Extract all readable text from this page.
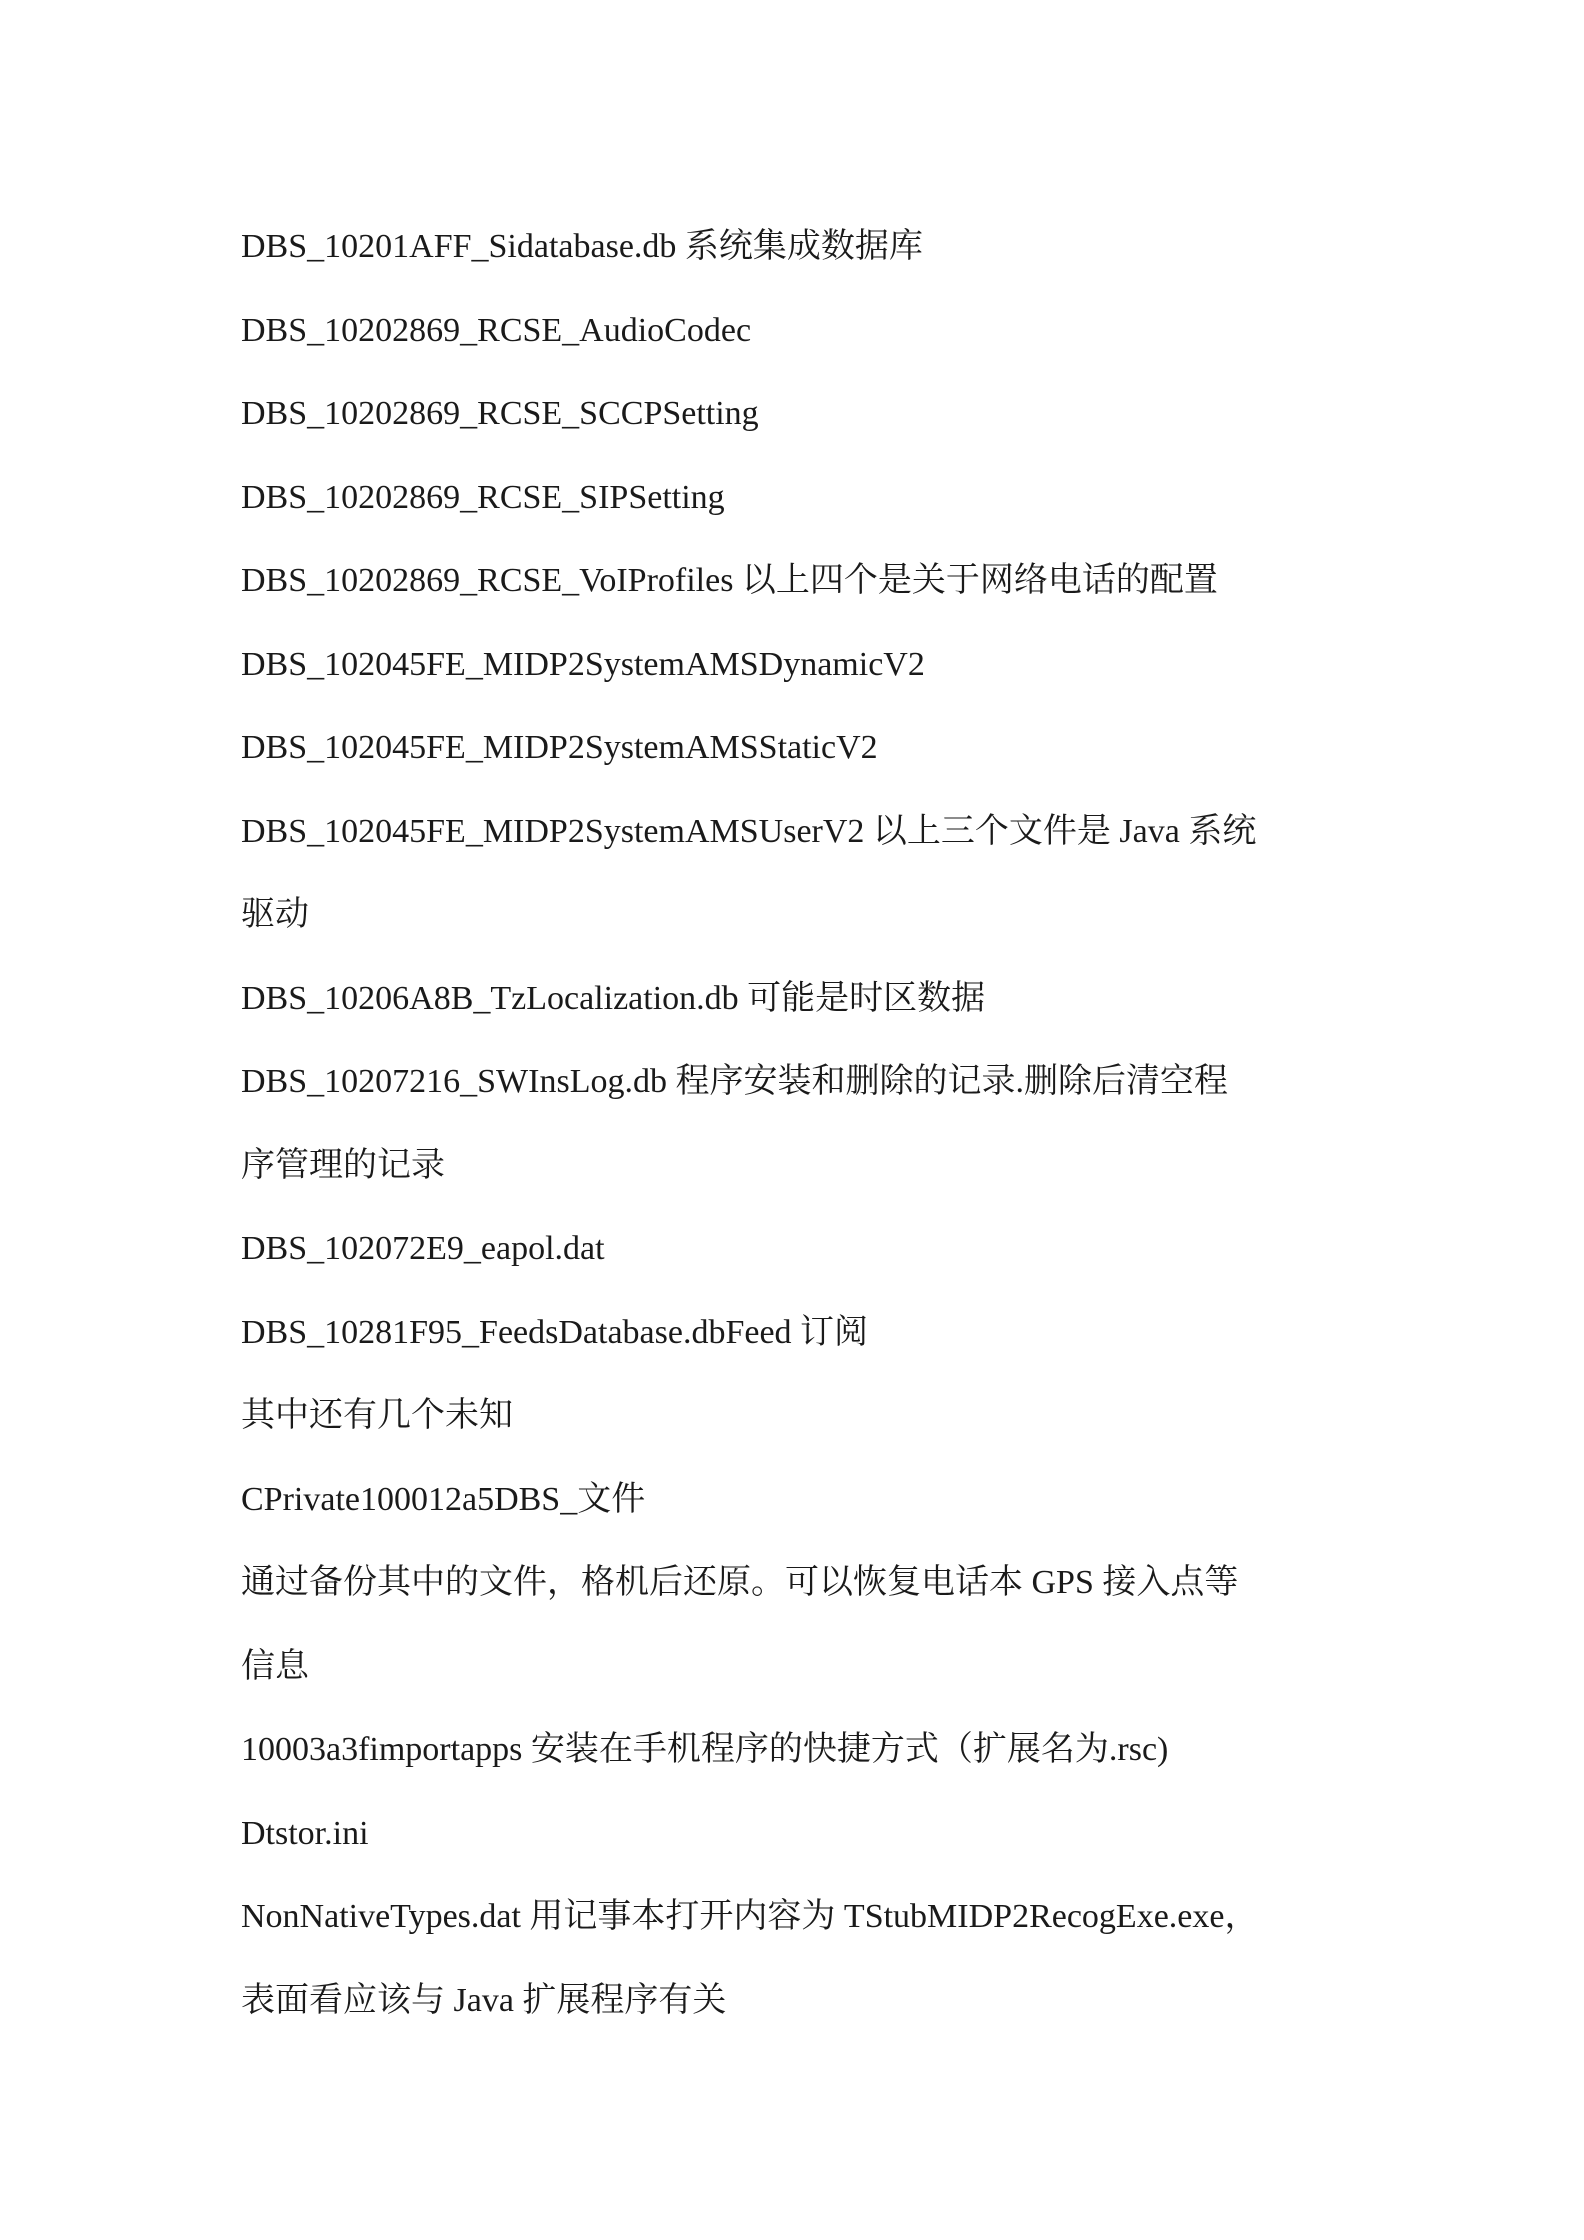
DBS_10201AFF_Sidatabase.db 系统集成数据库

DBS_10202869_RCSE_AudioCodec

DBS_10202869_RCSE_SCCPSetting

DBS_10202869_RCSE_SIPSetting

DBS_10202869_RCSE_VoIProfiles 以上四个是关于网络电话的配置

DBS_102045FE_MIDP2SystemAMSDynamicV2

DBS_102045FE_MIDP2SystemAMSStaticV2

DBS_102045FE_MIDP2SystemAMSUserV2 以上三个文件是 Java 系统

驱动

DBS_10206A8B_TzLocalization.db 可能是时区数据

DBS_10207216_SWInsLog.db 程序安装和删除的记录.删除后清空程

序管理的记录

DBS_102072E9_eapol.dat

DBS_10281F95_FeedsDatabase.dbFeed 订阅

其中还有几个未知

CPrivate100012a5DBS_文件

通过备份其中的文件，格机后还原。可以恢复电话本 GPS 接入点等

信息

10003a3fimportapps 安装在手机程序的快捷方式（扩展名为.rsc)

Dtstor.ini

NonNativeTypes.dat 用记事本打开内容为 TStubMIDP2RecogExe.exe，

表面看应该与 Java 扩展程序有关
